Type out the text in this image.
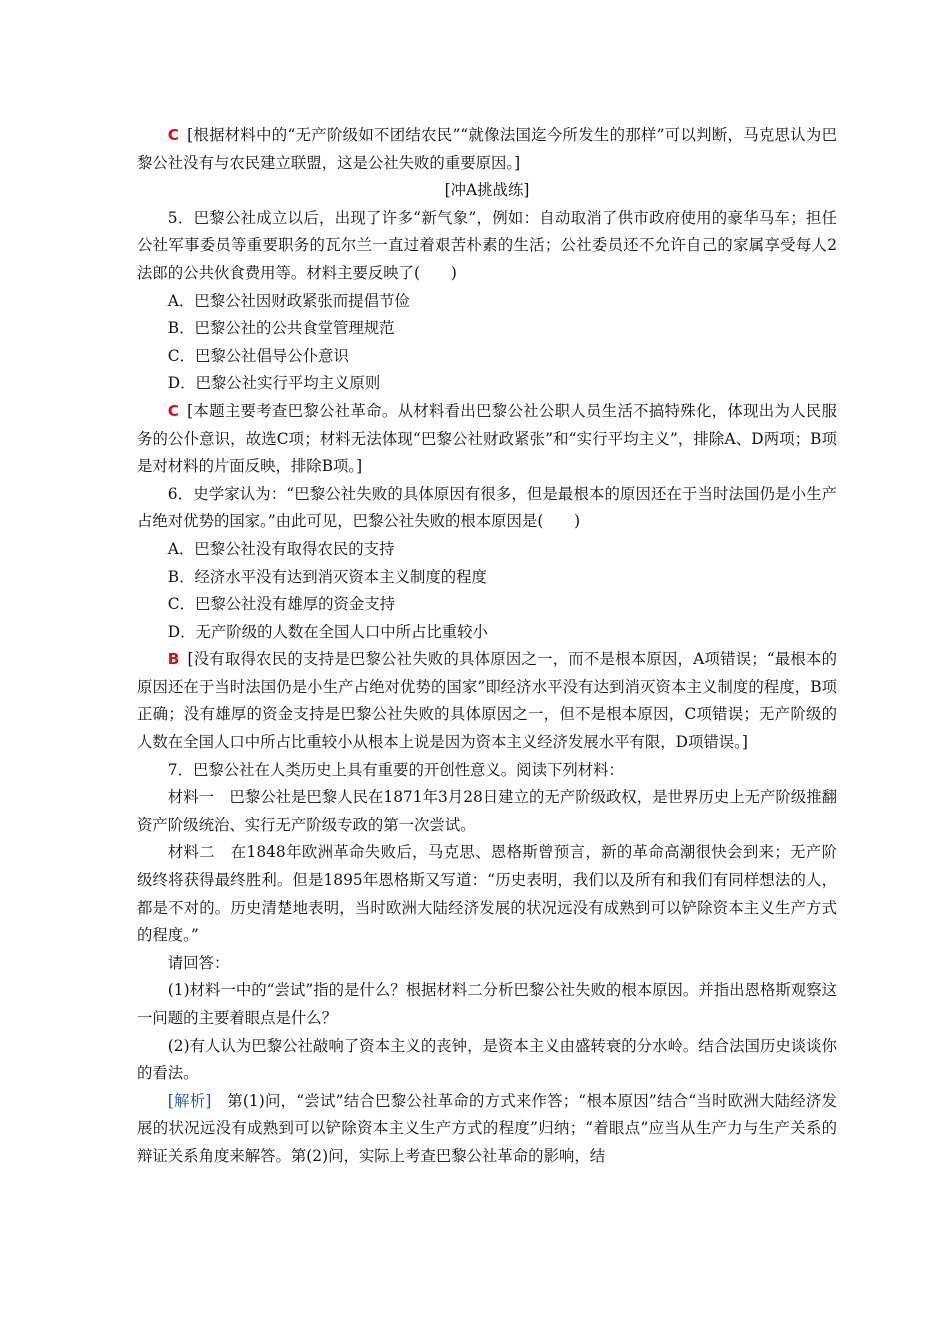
C [根据材料中的“无产阶级如不团结农民”“就像法国迄今所发生的那样”可以判断，马克思认为巴黎公社没有与农民建立联盟，这是公社失败的重要原因。]

[冲A挑战练]

5．巴黎公社成立以后，出现了许多“新气象”，例如：自动取消了供市政府使用的豪华马车；担任公社军事委员等重要职务的瓦尔兰一直过着艰苦朴素的生活；公社委员还不允许自己的家属享受每人2法郎的公共伙食费用等。材料主要反映了(　　)

A．巴黎公社因财政紧张而提倡节俭

B．巴黎公社的公共食堂管理规范

C．巴黎公社倡导公仆意识

D．巴黎公社实行平均主义原则

C [本题主要考查巴黎公社革命。从材料看出巴黎公社公职人员生活不搞特殊化，体现出为人民服务的公仆意识，故选C项；材料无法体现“巴黎公社财政紧张”和“实行平均主义”，排除A、D两项；B项是对材料的片面反映，排除B项。]

6．史学家认为：“巴黎公社失败的具体原因有很多，但是最根本的原因还在于当时法国仍是小生产占绝对优势的国家。”由此可见，巴黎公社失败的根本原因是(　　)

A．巴黎公社没有取得农民的支持

B．经济水平没有达到消灭资本主义制度的程度

C．巴黎公社没有雄厚的资金支持

D．无产阶级的人数在全国人口中所占比重较小

B [没有取得农民的支持是巴黎公社失败的具体原因之一，而不是根本原因，A项错误；“最根本的原因还在于当时法国仍是小生产占绝对优势的国家”即经济水平没有达到消灭资本主义制度的程度，B项正确；没有雄厚的资金支持是巴黎公社失败的具体原因之一，但不是根本原因，C项错误；无产阶级的人数在全国人口中所占比重较小从根本上说是因为资本主义经济发展水平有限，D项错误。]

7．巴黎公社在人类历史上具有重要的开创性意义。阅读下列材料：

材料一　巴黎公社是巴黎人民在1871年3月28日建立的无产阶级政权，是世界历史上无产阶级推翻资产阶级统治、实行无产阶级专政的第一次尝试。

材料二　在1848年欧洲革命失败后，马克思、恩格斯曾预言，新的革命高潮很快会到来；无产阶级终将获得最终胜利。但是1895年恩格斯又写道：“历史表明，我们以及所有和我们有同样想法的人，都是不对的。历史清楚地表明，当时欧洲大陆经济发展的状况远没有成熟到可以铲除资本主义生产方式的程度。”

请回答：

(1)材料一中的“尝试”指的是什么？根据材料二分析巴黎公社失败的根本原因。并指出恩格斯观察这一问题的主要着眼点是什么？

(2)有人认为巴黎公社敲响了资本主义的丧钟，是资本主义由盛转衰的分水岭。结合法国历史谈谈你的看法。

[解析]　 第(1)问，“尝试”结合巴黎公社革命的方式来作答；“根本原因”结合“当时欧洲大陆经济发展的状况远没有成熟到可以铲除资本主义生产方式的程度”归纳；“着眼点”应当从生产力与生产关系的辩证关系角度来解答。第(2)问，实际上考查巴黎公社革命的影响，结
